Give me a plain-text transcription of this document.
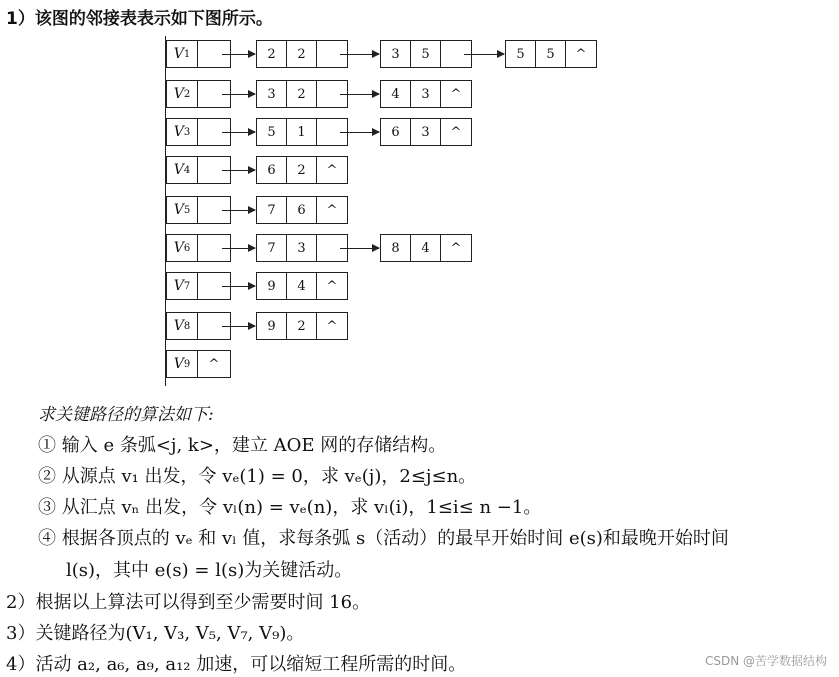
1）该图的邻接表表示如下图所示。
V 1	2	2	3	5	5	5	^
V 2	3	2	4	3	^
V 3	5	1	6	3	^
V 4	6	2	^
V 5	7	6	^
V 6	7	3	8	4	^
V 7	9	4	^
V 8	9	2	^
V 9	^
求关键路径的算法如下:
① 输入 e 条弧<j, k>，建立 AOE 网的存储结构。
② 从源点 v₁ 出发，令 vₑ(1) = 0，求 vₑ(j)，2≤j≤n。
③ 从汇点 vₙ 出发，令 vₗ(n) = vₑ(n)，求 vₗ(i)，1≤i≤ n −1。
④ 根据各顶点的 vₑ 和 vₗ 值，求每条弧 s（活动）的最早开始时间 e(s)和最晚开始时间
l(s)，其中 e(s) = l(s)为关键活动。
2）根据以上算法可以得到至少需要时间 16。
3）关键路径为(V₁, V₃, V₅, V₇, V₉)。
4）活动 a₂, a₆, a₉, a₁₂ 加速，可以缩短工程所需的时间。	CSDN @苦学数据结构
